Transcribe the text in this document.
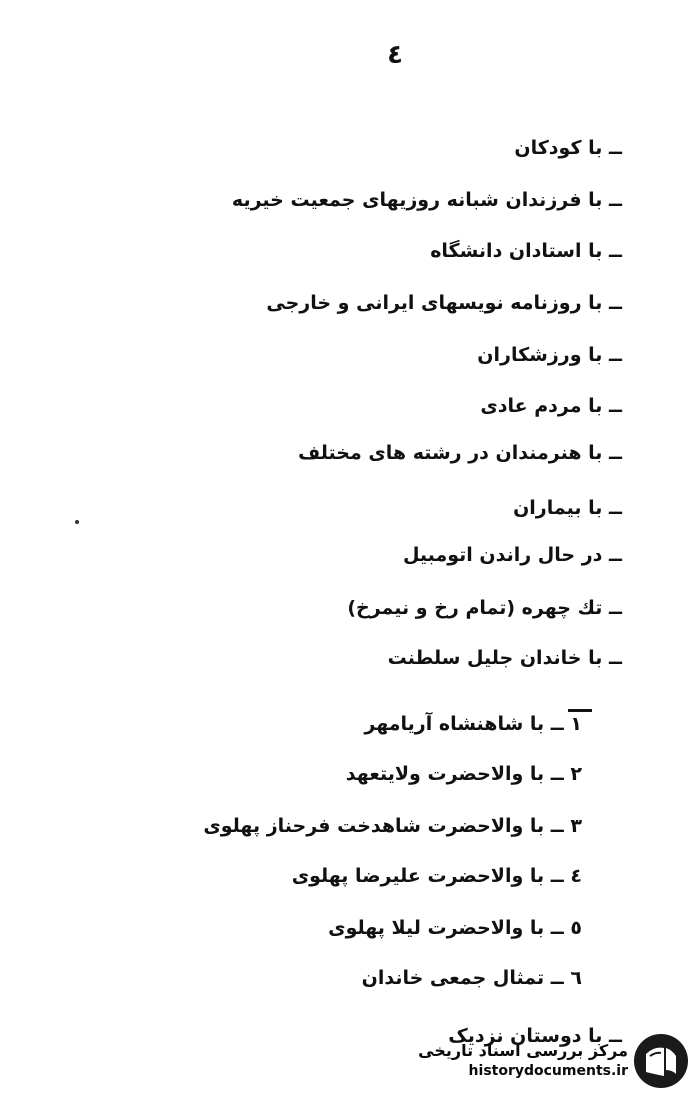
٤
ــ با کودکان
ــ با فرزندان شبانه روزیهای جمعیت خیریه
ــ با استادان دانشگاه
ــ با روزنامه نویسهای ایرانی و خارجی
ــ با ورزشکاران
ــ با مردم عادی
ــ با هنرمندان در رشته های مختلف
ــ با بیماران
ــ در حال راندن اتومبیل
ــ تك چهره (تمام رخ و نیمرخ)
ــ با خاندان جلیل سلطنت
۱ ــ با شاهنشاه آریامهر
۲ ــ با والاحضرت ولایتعهد
۳ ــ با والاحضرت شاهدخت فرحناز پهلوی
٤ ــ با والاحضرت علیرضا پهلوی
٥ ــ با والاحضرت لیلا پهلوی
٦ ــ تمثال جمعی خاندان
ــ با دوستان نزدیک
مرکز بررسی اسناد تاریخی
historydocuments.ir
